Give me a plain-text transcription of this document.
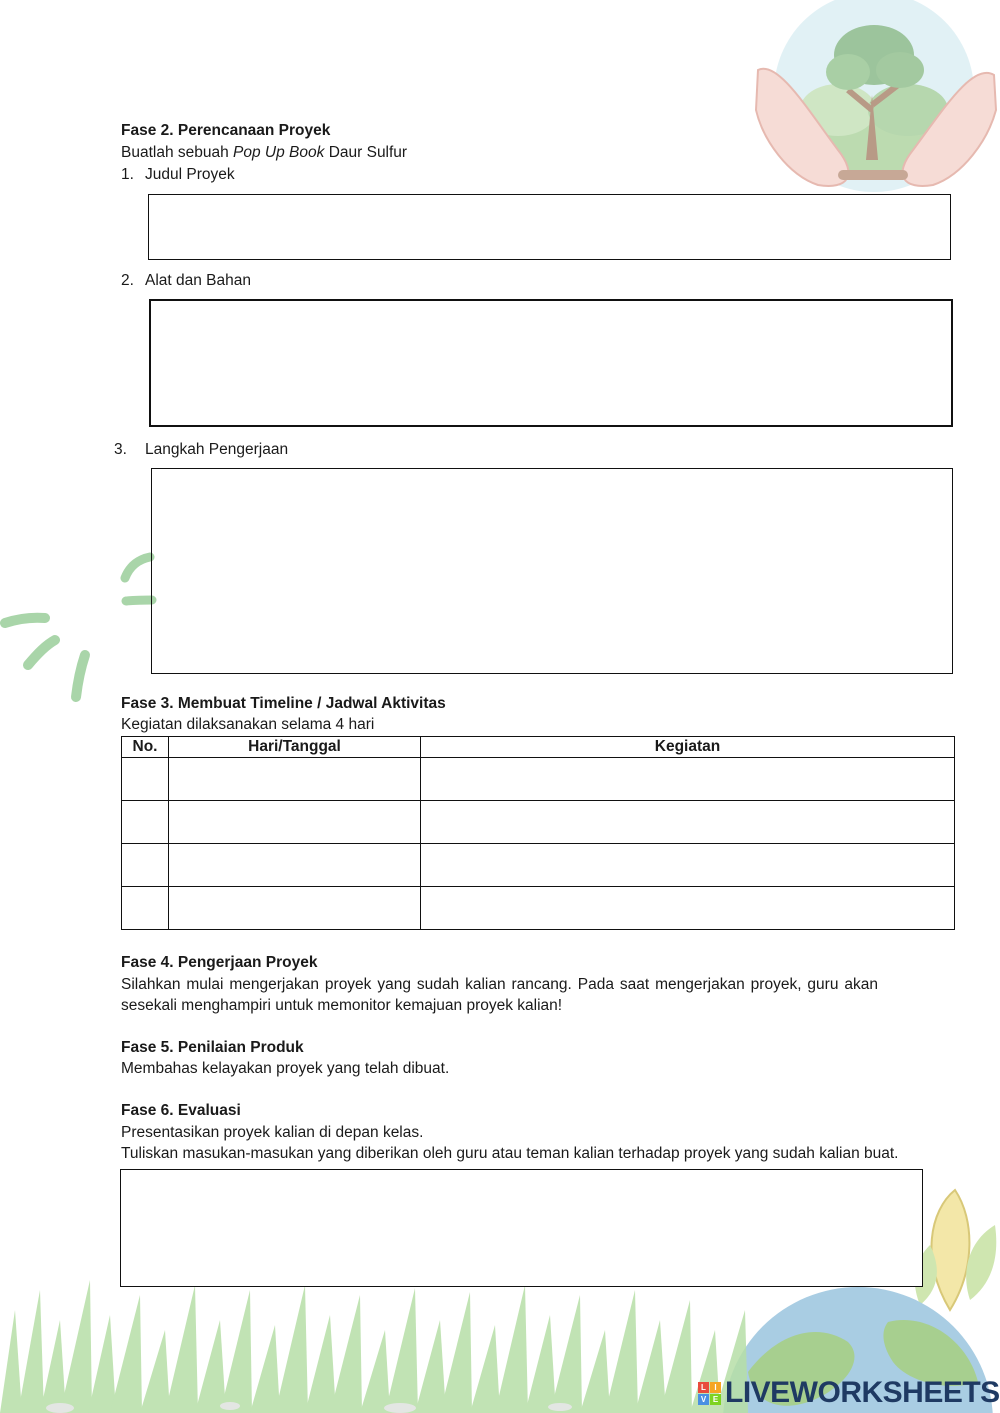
Fase 2. Perencanaan Proyek
Buatlah sebuah Pop Up Book Daur Sulfur
1. Judul Proyek
2. Alat dan Bahan
3. Langkah Pengerjaan
Fase 3. Membuat Timeline / Jadwal Aktivitas
Kegiatan dilaksanakan selama 4 hari
No.	Hari/Tanggal	Kegiatan

Fase 4. Pengerjaan Proyek
Silahkan mulai mengerjakan proyek yang sudah kalian rancang. Pada saat mengerjakan proyek, guru akan sesekali menghampiri untuk memonitor kemajuan proyek kalian!
Fase 5. Penilaian Produk
Membahas kelayakan proyek yang telah dibuat.
Fase 6. Evaluasi
Presentasikan proyek kalian di depan kelas.
Tuliskan masukan-masukan yang diberikan oleh guru atau teman kalian terhadap proyek yang sudah kalian buat.
L	I
V E LIVEWORKSHEETS
